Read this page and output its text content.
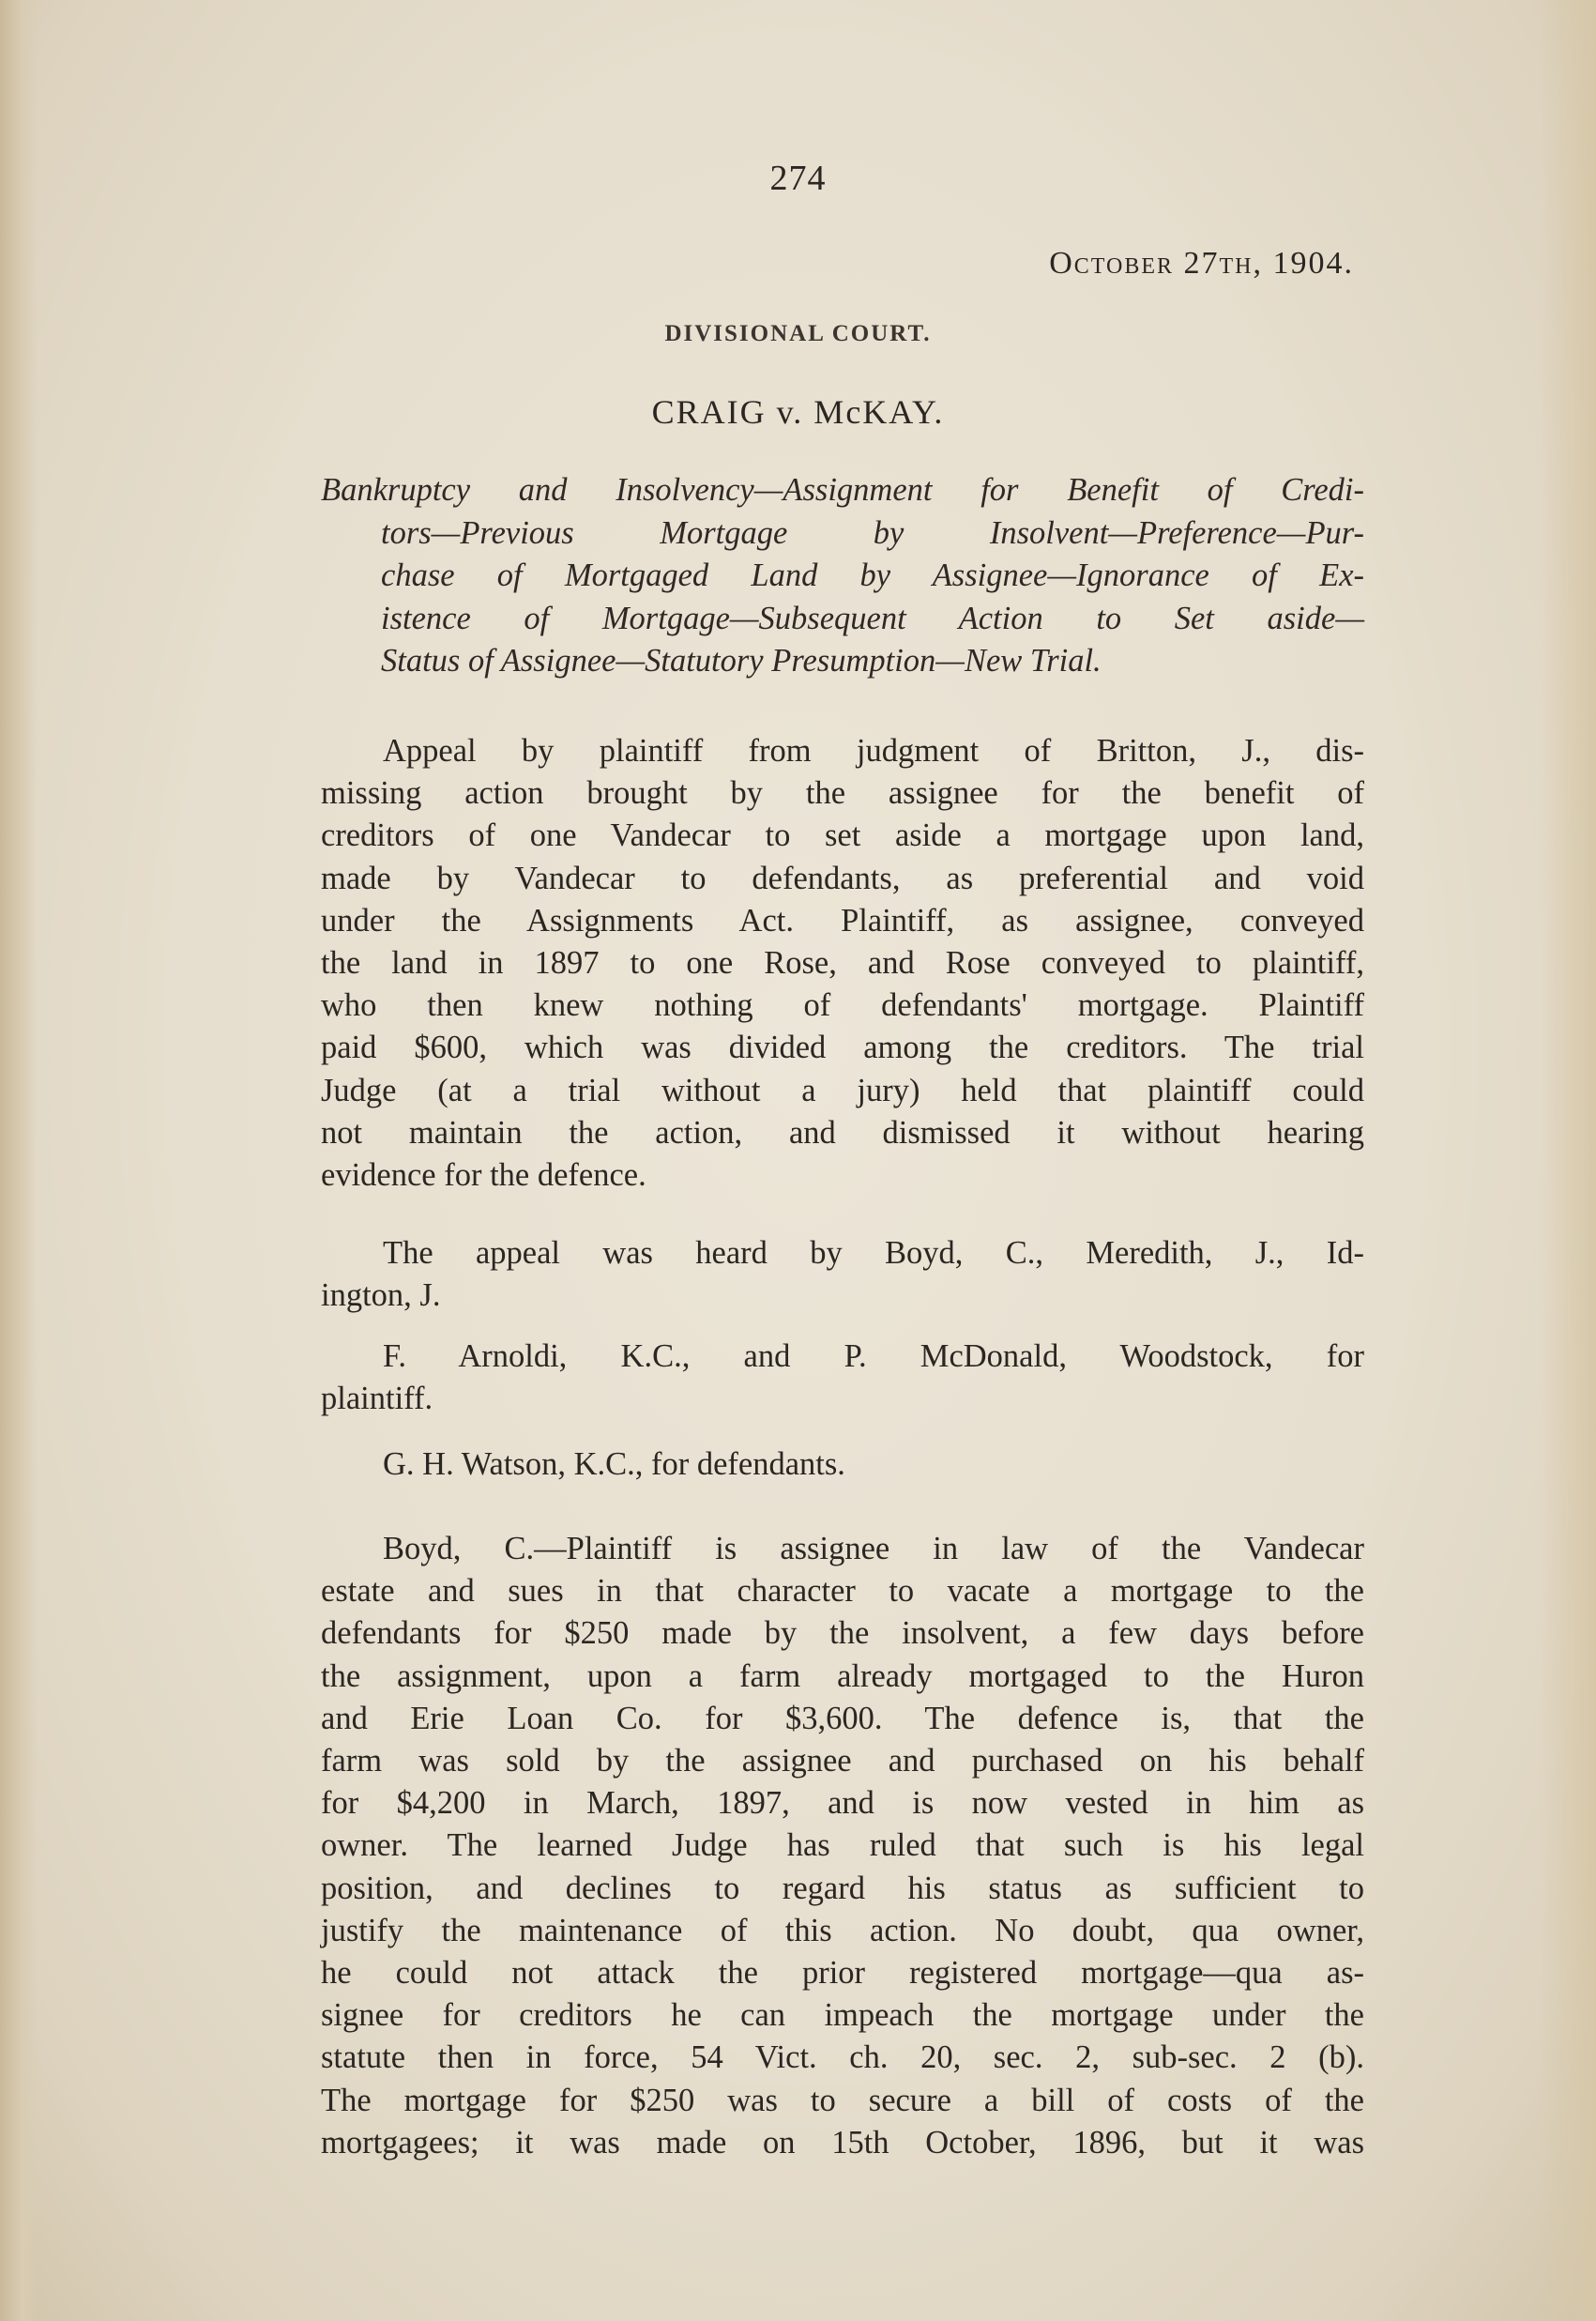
274
October 27th, 1904.
DIVISIONAL COURT.
CRAIG v. McKAY.
Bankruptcy and Insolvency—Assignment for Benefit of Credi-
tors—Previous Mortgage by Insolvent—Preference—Pur-
chase of Mortgaged Land by Assignee—Ignorance of Ex-
istence of Mortgage—Subsequent Action to Set aside—
Status of Assignee—Statutory Presumption—New Trial.
Appeal by plaintiff from judgment of Britton, J., dis-
missing action brought by the assignee for the benefit of
creditors of one Vandecar to set aside a mortgage upon land,
made by Vandecar to defendants, as preferential and void
under the Assignments Act. Plaintiff, as assignee, conveyed
the land in 1897 to one Rose, and Rose conveyed to plaintiff,
who then knew nothing of defendants' mortgage. Plaintiff
paid $600, which was divided among the creditors. The trial
Judge (at a trial without a jury) held that plaintiff could
not maintain the action, and dismissed it without hearing
evidence for the defence.
The appeal was heard by Boyd, C., Meredith, J., Id-
ington, J.
F. Arnoldi, K.C., and P. McDonald, Woodstock, for
plaintiff.
G. H. Watson, K.C., for defendants.
Boyd, C.—Plaintiff is assignee in law of the Vandecar
estate and sues in that character to vacate a mortgage to the
defendants for $250 made by the insolvent, a few days before
the assignment, upon a farm already mortgaged to the Huron
and Erie Loan Co. for $3,600. The defence is, that the
farm was sold by the assignee and purchased on his behalf
for $4,200 in March, 1897, and is now vested in him as
owner. The learned Judge has ruled that such is his legal
position, and declines to regard his status as sufficient to
justify the maintenance of this action. No doubt, qua owner,
he could not attack the prior registered mortgage—qua as-
signee for creditors he can impeach the mortgage under the
statute then in force, 54 Vict. ch. 20, sec. 2, sub-sec. 2 (b).
The mortgage for $250 was to secure a bill of costs of the
mortgagees; it was made on 15th October, 1896, but it was
